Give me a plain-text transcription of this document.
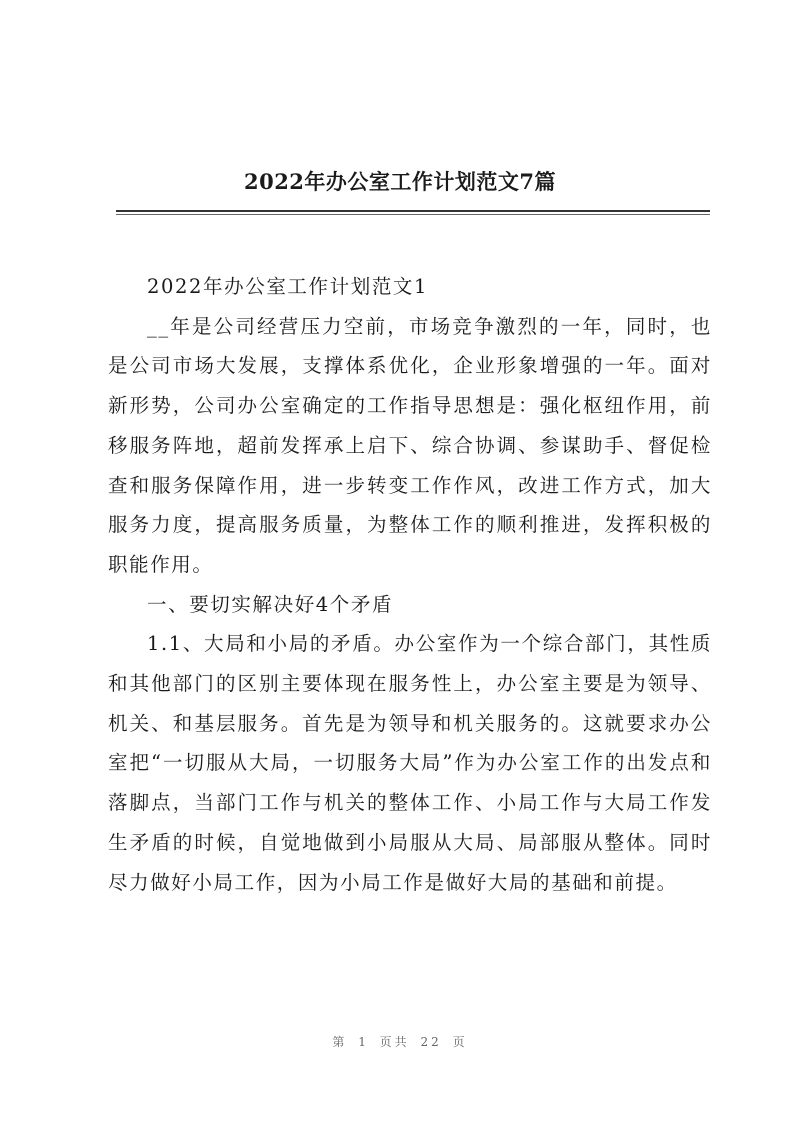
2022年办公室工作计划范文7篇

2022年办公室工作计划范文1

__年是公司经营压力空前，市场竞争激烈的一年，同时，也是公司市场大发展，支撑体系优化，企业形象增强的一年。面对新形势，公司办公室确定的工作指导思想是：强化枢纽作用，前移服务阵地，超前发挥承上启下、综合协调、参谋助手、督促检查和服务保障作用，进一步转变工作作风，改进工作方式，加大服务力度，提高服务质量，为整体工作的顺利推进，发挥积极的职能作用。

一、要切实解决好4个矛盾

1.1、大局和小局的矛盾。办公室作为一个综合部门，其性质和其他部门的区别主要体现在服务性上，办公室主要是为领导、机关、和基层服务。首先是为领导和机关服务的。这就要求办公室把“一切服从大局，一切服务大局”作为办公室工作的出发点和落脚点，当部门工作与机关的整体工作、小局工作与大局工作发生矛盾的时候，自觉地做到小局服从大局、局部服从整体。同时尽力做好小局工作，因为小局工作是做好大局的基础和前提。

第 1 页共 22 页
